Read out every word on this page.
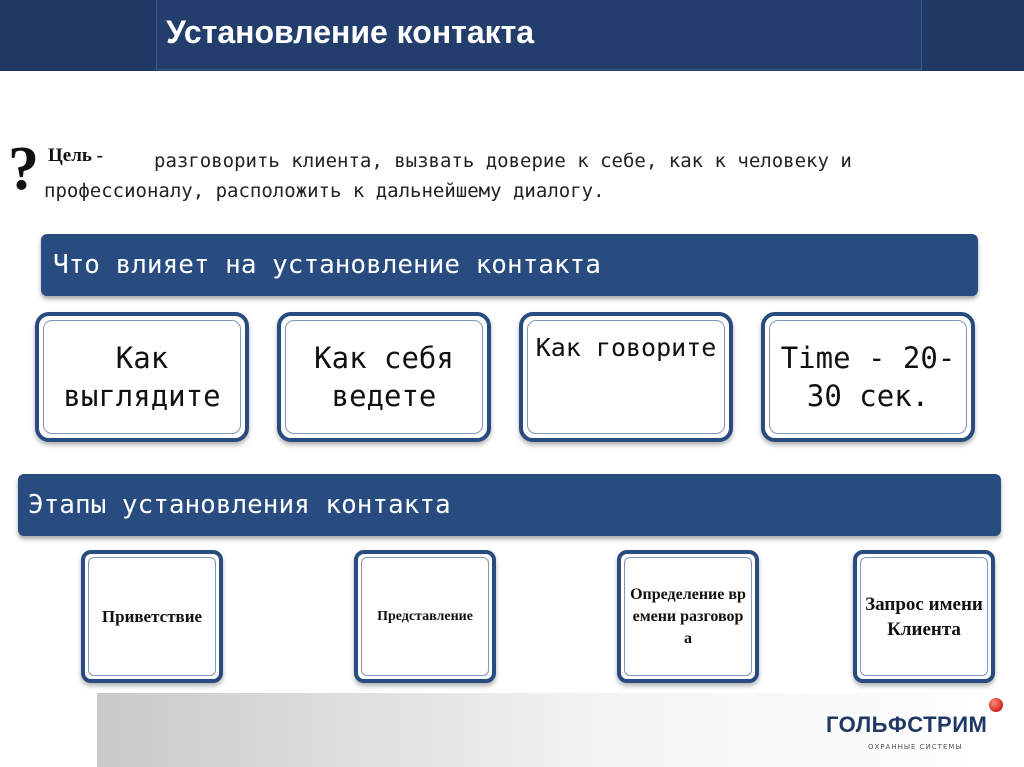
Установление контакта
?	разговорить клиента, вызвать доверие к себе, как к человеку и профессионалу, расположить к дальнейшему диалогу.
Цель -
Что влияет на установление контакта
Как выглядите
Как себя ведете
Как говорите	Time - 20-30 сек.
Этапы установления контакта
Приветствие	Представление
Определение времени разговора
Запрос имени Клиента
ГОЛЬФСТРИМ
ОХРАННЫЕ СИСТЕМЫ
